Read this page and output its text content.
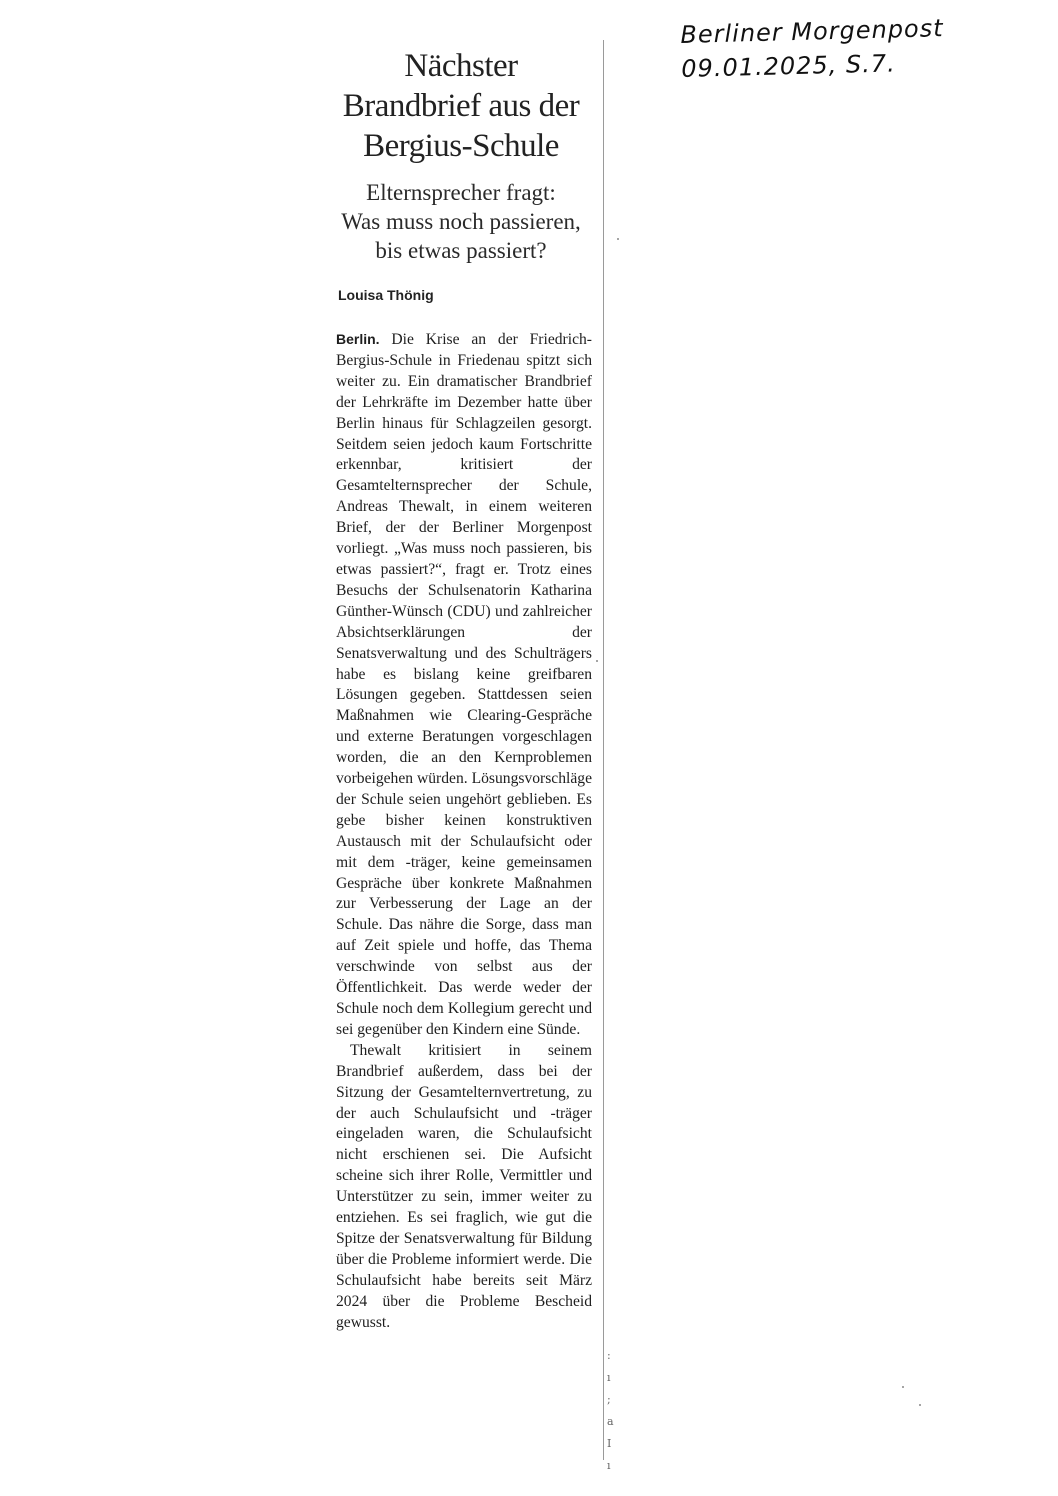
Berliner Morgenpost
09.01.2025, S.7.
:
ı
;
a
I
ı
Nächster
Brandbrief aus der
Bergius-Schule
Elternsprecher fragt:
Was muss noch passieren,
bis etwas passiert?
Louisa Thönig

Berlin. Die Krise an der Friedrich-Bergius-Schule in Friedenau spitzt sich weiter zu. Ein dramatischer Brandbrief der Lehrkräfte im Dezember hatte über Berlin hinaus für Schlagzeilen gesorgt. Seitdem seien jedoch kaum Fortschritte erkennbar, kritisiert der Gesamtelternsprecher der Schule, Andreas Thewalt, in einem weiteren Brief, der der Berliner Morgenpost vorliegt. „Was muss noch passieren, bis etwas passiert?“, fragt er. Trotz eines Besuchs der Schulsenatorin Katharina Günther-Wünsch (CDU) und zahlreicher Absichtserklärungen der Senatsverwaltung und des Schulträgers habe es bislang keine greifbaren Lösungen gegeben. Stattdessen seien Maßnahmen wie Clearing-Gespräche und externe Beratungen vorgeschlagen worden, die an den Kernproblemen vorbeigehen würden. Lösungsvorschläge der Schule seien ungehört geblieben. Es gebe bisher keinen konstruktiven Austausch mit der Schulaufsicht oder mit dem -träger, keine gemeinsamen Gespräche über konkrete Maßnahmen zur Verbesserung der Lage an der Schule. Das nähre die Sorge, dass man auf Zeit spiele und hoffe, das Thema verschwinde von selbst aus der Öffentlichkeit. Das werde weder der Schule noch dem Kollegium gerecht und sei gegenüber den Kindern eine Sünde.

Thewalt kritisiert in seinem Brandbrief außerdem, dass bei der Sitzung der Gesamtelternvertretung, zu der auch Schulaufsicht und -träger eingeladen waren, die Schulaufsicht nicht erschienen sei. Die Aufsicht scheine sich ihrer Rolle, Vermittler und Unterstützer zu sein, immer weiter zu entziehen. Es sei fraglich, wie gut die Spitze der Senatsverwaltung für Bildung über die Probleme informiert werde. Die Schulaufsicht habe bereits seit März 2024 über die Probleme Bescheid gewusst.
